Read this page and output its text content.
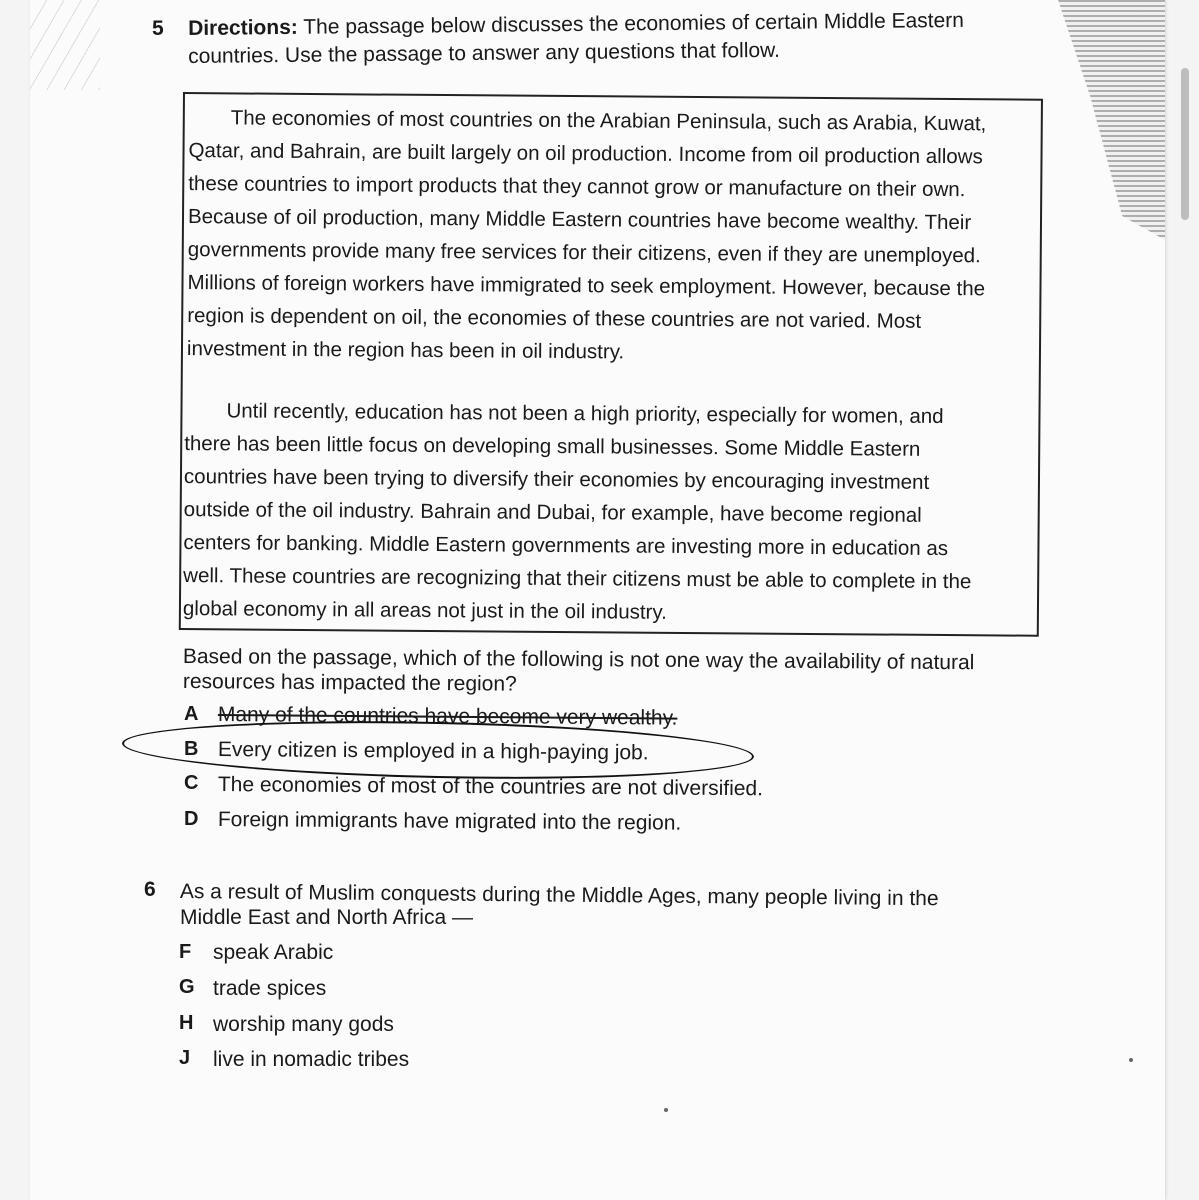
5 Directions: The passage below discusses the economies of certain Middle Eastern
countries. Use the passage to answer any questions that follow.
The economies of most countries on the Arabian Peninsula, such as Arabia, Kuwat,
Qatar, and Bahrain, are built largely on oil production. Income from oil production allows
these countries to import products that they cannot grow or manufacture on their own.
Because of oil production, many Middle Eastern countries have become wealthy. Their
governments provide many free services for their citizens, even if they are unemployed.
Millions of foreign workers have immigrated to seek employment. However, because the
region is dependent on oil, the economies of these countries are not varied. Most
investment in the region has been in oil industry.
Until recently, education has not been a high priority, especially for women, and
there has been little focus on developing small businesses. Some Middle Eastern
countries have been trying to diversify their economies by encouraging investment
outside of the oil industry. Bahrain and Dubai, for example, have become regional
centers for banking. Middle Eastern governments are investing more in education as
well. These countries are recognizing that their citizens must be able to complete in the
global economy in all areas not just in the oil industry.
Based on the passage, which of the following is not one way the availability of natural
resources has impacted the region?
A Many of the countries have become very wealthy.
B Every citizen is employed in a high-paying job.
C The economies of most of the countries are not diversified.
D Foreign immigrants have migrated into the region.
6 As a result of Muslim conquests during the Middle Ages, many people living in the
Middle East and North Africa —
F speak Arabic
G trade spices
H worship many gods
J live in nomadic tribes
